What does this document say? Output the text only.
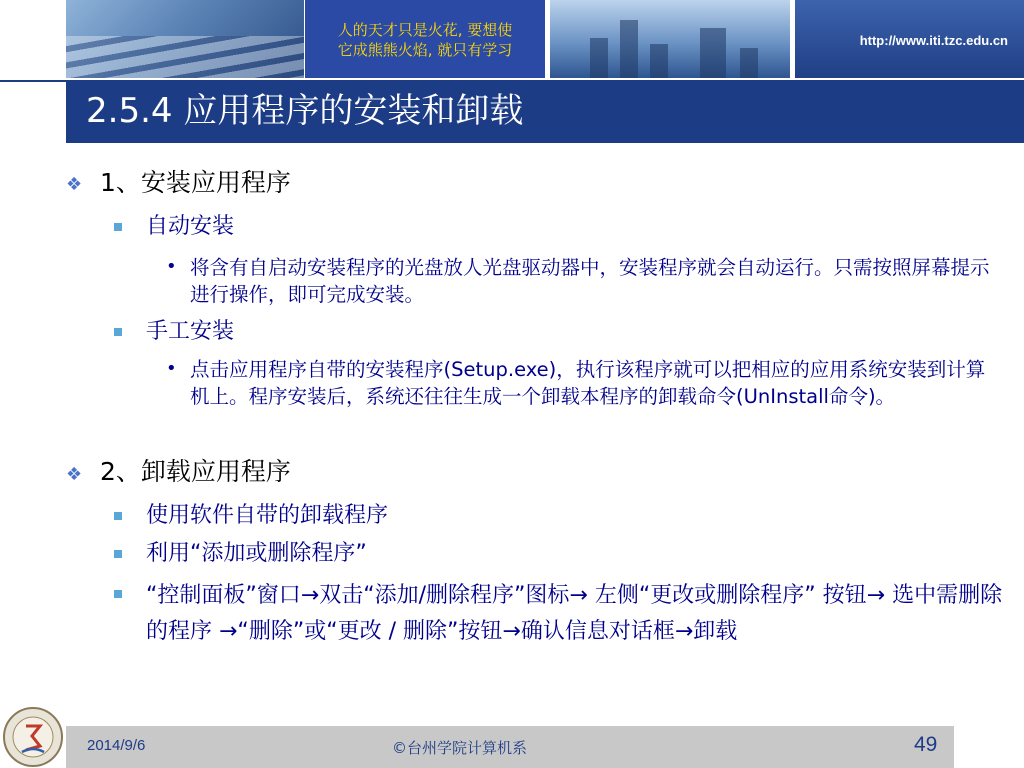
人的天才只是火花, 要想使
它成熊熊火焰, 就只有学习
http://www.iti.tzc.edu.cn
2.5.4 应用程序的安装和卸载
❖ 1、安装应用程序
自动安装
• 将含有自启动安装程序的光盘放人光盘驱动器中，安装程序就会自动运行。只需按照屏幕提示进行操作，即可完成安装。
手工安装
• 点击应用程序自带的安装程序(Setup.exe)，执行该程序就可以把相应的应用系统安装到计算机上。程序安装后，系统还往往生成一个卸载本程序的卸载命令(UnInstall命令)。
❖ 2、卸载应用程序
使用软件自带的卸载程序
利用“添加或删除程序”
“控制面板”窗口→双击“添加/删除程序”图标→ 左侧“更改或删除程序” 按钮→ 选中需删除的程序 →“删除”或“更改 / 删除”按钮→确认信息对话框→卸载
2014/9/6	©台州学院计算机系	49
